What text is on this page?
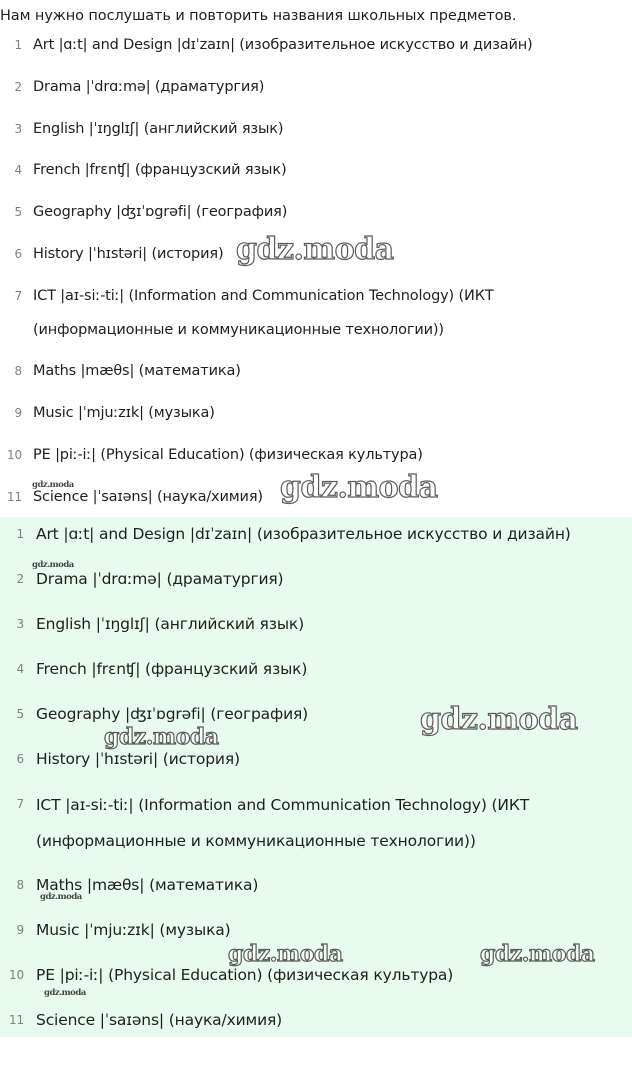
Нам нужно послушать и повторить названия школьных предметов.
1 Art |ɑːt| and Design |dɪˈzaɪn| (изобразительное искусство и дизайн)
2 Drama |ˈdrɑːmə| (драматургия)
3 English |ˈɪŋglɪʃ| (английский язык)
4 French |frɛnʧ| (французский язык)
5 Geography |ʤɪˈɒgrəfi| (география)
6 History |ˈhɪstəri| (история)
7 ICT |aɪ-siː-tiː| (Information and Communication Technology) (ИКТ (информационные и коммуникационные технологии))
8 Maths |mæθs| (математика)
9 Music |ˈmjuːzɪk| (музыка)
10 PE |piː-iː| (Physical Education) (физическая культура)
11 Science |ˈsaɪəns| (наука/химия)
1 Art |ɑːt| and Design |dɪˈzaɪn| (изобразительное искусство и дизайн)
2 Drama |ˈdrɑːmə| (драматургия)
3 English |ˈɪŋglɪʃ| (английский язык)
4 French |frɛnʧ| (французский язык)
5 Geography |ʤɪˈɒgrəfi| (география)
6 History |ˈhɪstəri| (история)
7 ICT |aɪ-siː-tiː| (Information and Communication Technology) (ИКТ (информационные и коммуникационные технологии))
8 Maths |mæθs| (математика)
9 Music |ˈmjuːzɪk| (музыка)
10 PE |piː-iː| (Physical Education) (физическая культура)
11 Science |ˈsaɪəns| (наука/химия)
gdz.moda
gdz.moda
gdz.moda
gdz.moda
gdz.moda
gdz.moda
gdz.moda
gdz.moda	gdz.moda
gdz.moda
